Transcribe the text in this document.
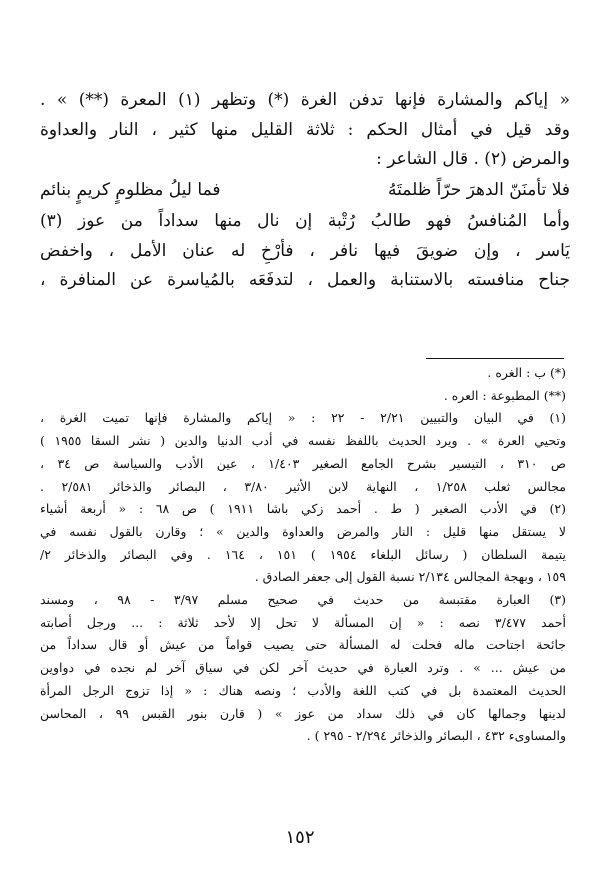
« إياكم والمشارة فإنها تدفن الغرة (*) وتظهر (١) المعرة (**) » .
وقد قيل في أمثال الحكم : ثلاثة القليل منها كثير ، النار والعداوة
والمرض (٢) . قال الشاعر :
فلا تأمنَنّ الدهرَ حرّاً ظلمتَهُ
فما ليلُ مظلومٍ كريمٍ بنائم
وأما المُنافسُ فهو طالبُ رُتْبة إن نال منها سداداً من عوز (٣)
يَاسر ، وإن ضويقَ فيها نافر ، فأرْخِ له عنان الأمل ، واخفض
جناح منافسته بالاستنابة والعمل ، لتدفَعَه بالمُياسرة عن المنافرة ،
(*) ب : الغره .
(**) المطبوعة : العره .
(١) في البيان والتبيين ٢/٢١ - ٢٢ : « إياكم والمشارة فإنها تميت الغرة ،
وتحيي العرة » . ويرد الحديث باللفظ نفسه في أدب الدنيا والدين ( نشر السقا ١٩٥٥ )
ص ٣١٠ ، التيسير بشرح الجامع الصغير ١/٤٠٣ ، عين الأدب والسياسة ص ٣٤ ،
مجالس ثعلب ١/٢٥٨ ، النهاية لابن الأثير ٣/٨٠ ، البصائر والذخائر ٢/٥٨١ .
(٢) في الأدب الصغير ( ط . أحمد زكي باشا ١٩١١ ) ص ٦٨ : « أربعة أشياء
لا يستقل منها قليل : النار والمرض والعداوة والدين » ؛ وقارن بالقول نفسه في
يتيمة السلطان ( رسائل البلغاء ١٩٥٤ ) ١٥١ ، ١٦٤ . وفي البصائر والذخائر ٢/
١٥٩ ، وبهجة المجالس ٢/١٣٤ نسبة القول إلى جعفر الصادق .
(٣) العبارة مقتبسة من حديث في صحيح مسلم ٣/٩٧ - ٩٨ ، ومسند
أحمد ٣/٤٧٧ نصه : « إن المسألة لا تحل إلا لأحد ثلاثة : ... ورجل أصابته
جائحة اجتاحت ماله فحلت له المسألة حتى يصيب قواماً من عيش أو قال سداداً من
من عيش ... » . وترد العبارة في حديث آخر لكن في سياق آخر لم نجده في دواوين
الحديث المعتمدة بل في كتب اللغة والأدب ؛ ونصه هناك : « إذا تزوج الرجل المرأة
لدينها وجمالها كان في ذلك سداد من عوز » ( قارن بنور القبس ٩٩ ، المحاسن
والمساوىء ٤٣٢ ، البصائر والذخائر ٢/٢٩٤ - ٢٩٥ ) .
١٥٢
